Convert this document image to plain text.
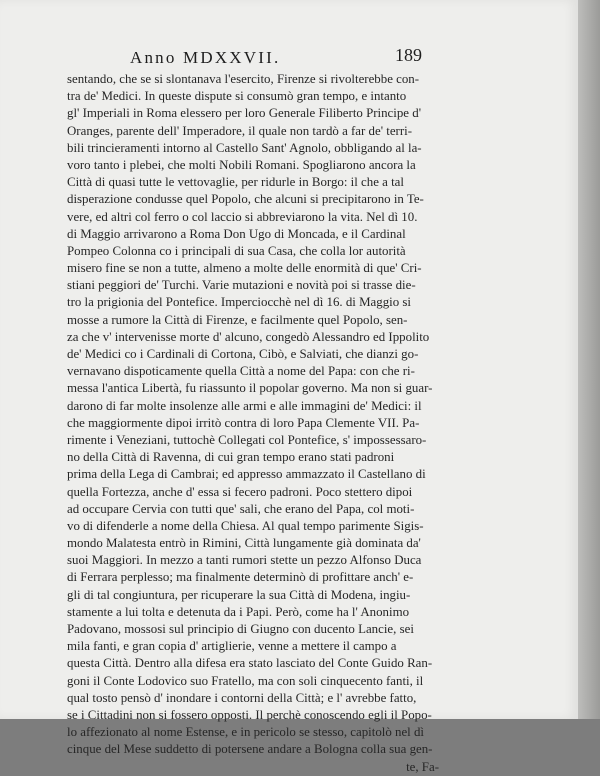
Anno MDXXVII.	189
sentando, che se si slontanava l'esercito, Firenze si rivolterebbe con-
tra de' Medici. In queste dispute si consumò gran tempo, e intanto
gl' Imperiali in Roma elessero per loro Generale Filiberto Principe d'
Oranges, parente dell' Imperadore, il quale non tardò a far de' terri-
bili trincieramenti intorno al Castello Sant' Agnolo, obbligando al la-
voro tanto i plebei, che molti Nobili Romani. Spogliarono ancora la
Città di quasi tutte le vettovaglie, per ridurle in Borgo: il che a tal
disperazione condusse quel Popolo, che alcuni si precipitarono in Te-
vere, ed altri col ferro o col laccio si abbreviarono la vita. Nel dì 10.
di Maggio arrivarono a Roma Don Ugo di Moncada, e il Cardinal
Pompeo Colonna co i principali di sua Casa, che colla lor autorità
misero fine se non a tutte, almeno a molte delle enormità di que' Cri-
stiani peggiori de' Turchi. Varie mutazioni e novità poi si trasse die-
tro la prigionia del Pontefice. Imperciocchè nel dì 16. di Maggio si
mosse a rumore la Città di Firenze, e facilmente quel Popolo, sen-
za che v' intervenisse morte d' alcuno, congedò Alessandro ed Ippolito
de' Medici co i Cardinali di Cortona, Cibò, e Salviati, che dianzi go-
vernavano dispoticamente quella Città a nome del Papa: con che ri-
messa l'antica Libertà, fu riassunto il popolar governo. Ma non si guar-
darono di far molte insolenze alle armi e alle immagini de' Medici: il
che maggiormente dipoi irritò contra di loro Papa Clemente VII. Pa-
rimente i Veneziani, tuttochè Collegati col Pontefice, s' impossessaro-
no della Città di Ravenna, di cui gran tempo erano stati padroni
prima della Lega di Cambrai; ed appresso ammazzato il Castellano di
quella Fortezza, anche d' essa si fecero padroni. Poco stettero dipoi
ad occupare Cervia con tutti que' sali, che erano del Papa, col moti-
vo di difenderle a nome della Chiesa. Al qual tempo parimente Sigis-
mondo Malatesta entrò in Rimini, Città lungamente già dominata da'
suoi Maggiori. In mezzo a tanti rumori stette un pezzo Alfonso Duca
di Ferrara perplesso; ma finalmente determinò di profittare anch' e-
gli di tal congiuntura, per ricuperare la sua Città di Modena, ingiu-
stamente a lui tolta e detenuta da i Papi. Però, come ha l' Anonimo
Padovano, mossosi sul principio di Giugno con ducento Lancie, sei
mila fanti, e gran copia d' artiglierie, venne a mettere il campo a
questa Città. Dentro alla difesa era stato lasciato del Conte Guido Ran-
goni il Conte Lodovico suo Fratello, ma con soli cinquecento fanti, il
qual tosto pensò d' inondare i contorni della Città; e l' avrebbe fatto,
se i Cittadini non si fossero opposti. Il perchè conoscendo egli il Popo-
lo affezionato al nome Estense, e in pericolo se stesso, capitolò nel dì
cinque del Mese suddetto di potersene andare a Bologna colla sua gen-
te, Fa-
